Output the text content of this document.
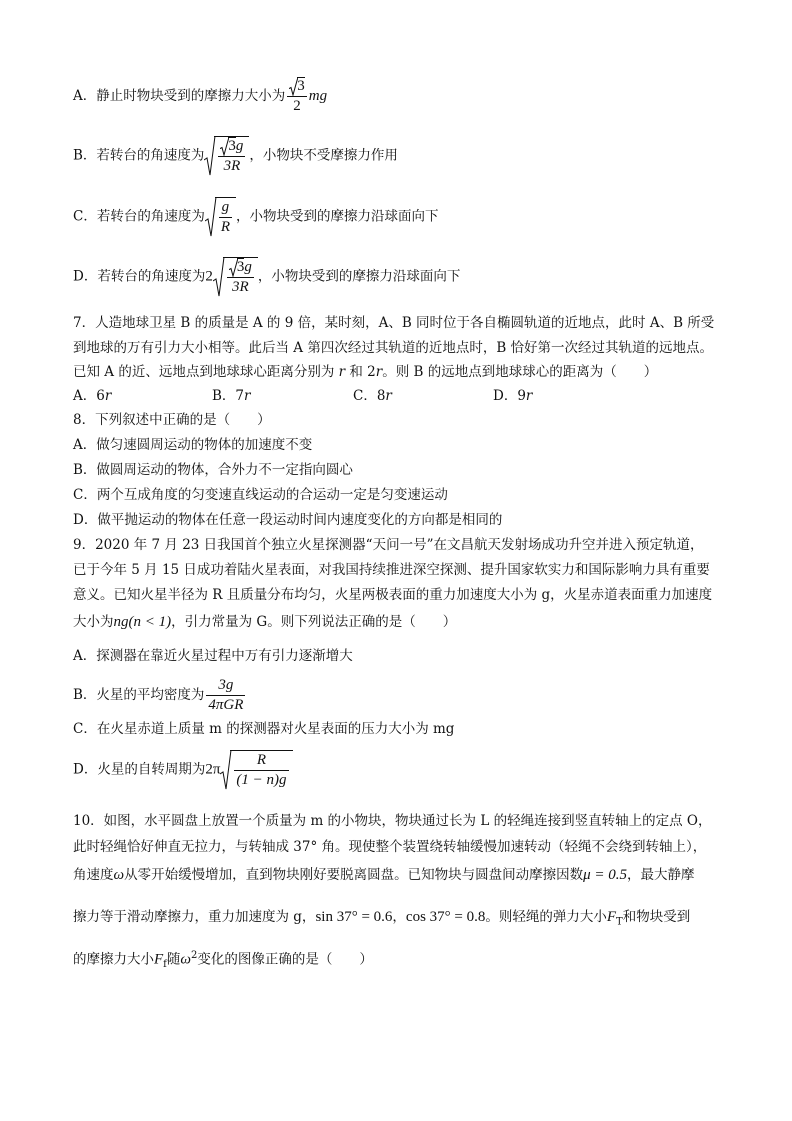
A．静止时物块受到的摩擦力大小为 $\frac{3}{2}$ mg
B．若转台的角速度为 $\frac{3g}{3R}$ ，小物块不受摩擦力作用
C．若转台的角速度为 $\frac{g}{R}$ ，小物块受到的摩擦力沿球面向下
D．若转台的角速度为$2 \frac{3g}{3R}$ ，小物块受到的摩擦力沿球面向下
7．人造地球卫星 B 的质量是 A 的 9 倍，某时刻，A、B 同时位于各自椭圆轨道的近地点，此时 A、B 所受
到地球的万有引力大小相等。此后当 A 第四次经过其轨道的近地点时，B 恰好第一次经过其轨道的远地点。
已知 A 的近、远地点到地球球心距离分别为 r 和 2r。则 B 的远地点到地球球心的距离为（　　）
A．6r	B．7r	C．8r	D．9r
8．下列叙述中正确的是（　　）
A．做匀速圆周运动的物体的加速度不变
B．做圆周运动的物体，合外力不一定指向圆心
C．两个互成角度的匀变速直线运动的合运动一定是匀变速运动
D．做平抛运动的物体在任意一段运动时间内速度变化的方向都是相同的
9．2020 年 7 月 23 日我国首个独立火星探测器“天问一号”在文昌航天发射场成功升空并进入预定轨道，
已于今年 5 月 15 日成功着陆火星表面，对我国持续推进深空探测、提升国家软实力和国际影响力具有重要
意义。已知火星半径为 R 且质量分布均匀，火星两极表面的重力加速度大小为 g，火星赤道表面重力加速度
大小为ng(n < 1)，引力常量为 G。则下列说法正确的是（　　）
A．探测器在靠近火星过程中万有引力逐渐增大
B．火星的平均密度为 $\frac{3g}{\text{4πGR}}$
C．在火星赤道上质量 m 的探测器对火星表面的压力大小为 mg
D．火星的自转周期为$2\pi \frac{R}{(1 - n)g}$
10．如图，水平圆盘上放置一个质量为 m 的小物块，物块通过长为 L 的轻绳连接到竖直转轴上的定点 O，
此时轻绳恰好伸直无拉力，与转轴成 37° 角。现使整个装置绕转轴缓慢加速转动（轻绳不会绕到转轴上），
角速度ω从零开始缓慢增加，直到物块刚好要脱离圆盘。已知物块与圆盘间动摩擦因数μ = 0.5，最大静摩
擦力等于滑动摩擦力，重力加速度为 g，sin 37° = 0.6，cos 37° = 0.8。则轻绳的弹力大小$F_T$和物块受到
的摩擦力大小$F_f$随$\omega^2$变化的图像正确的是（　　）
